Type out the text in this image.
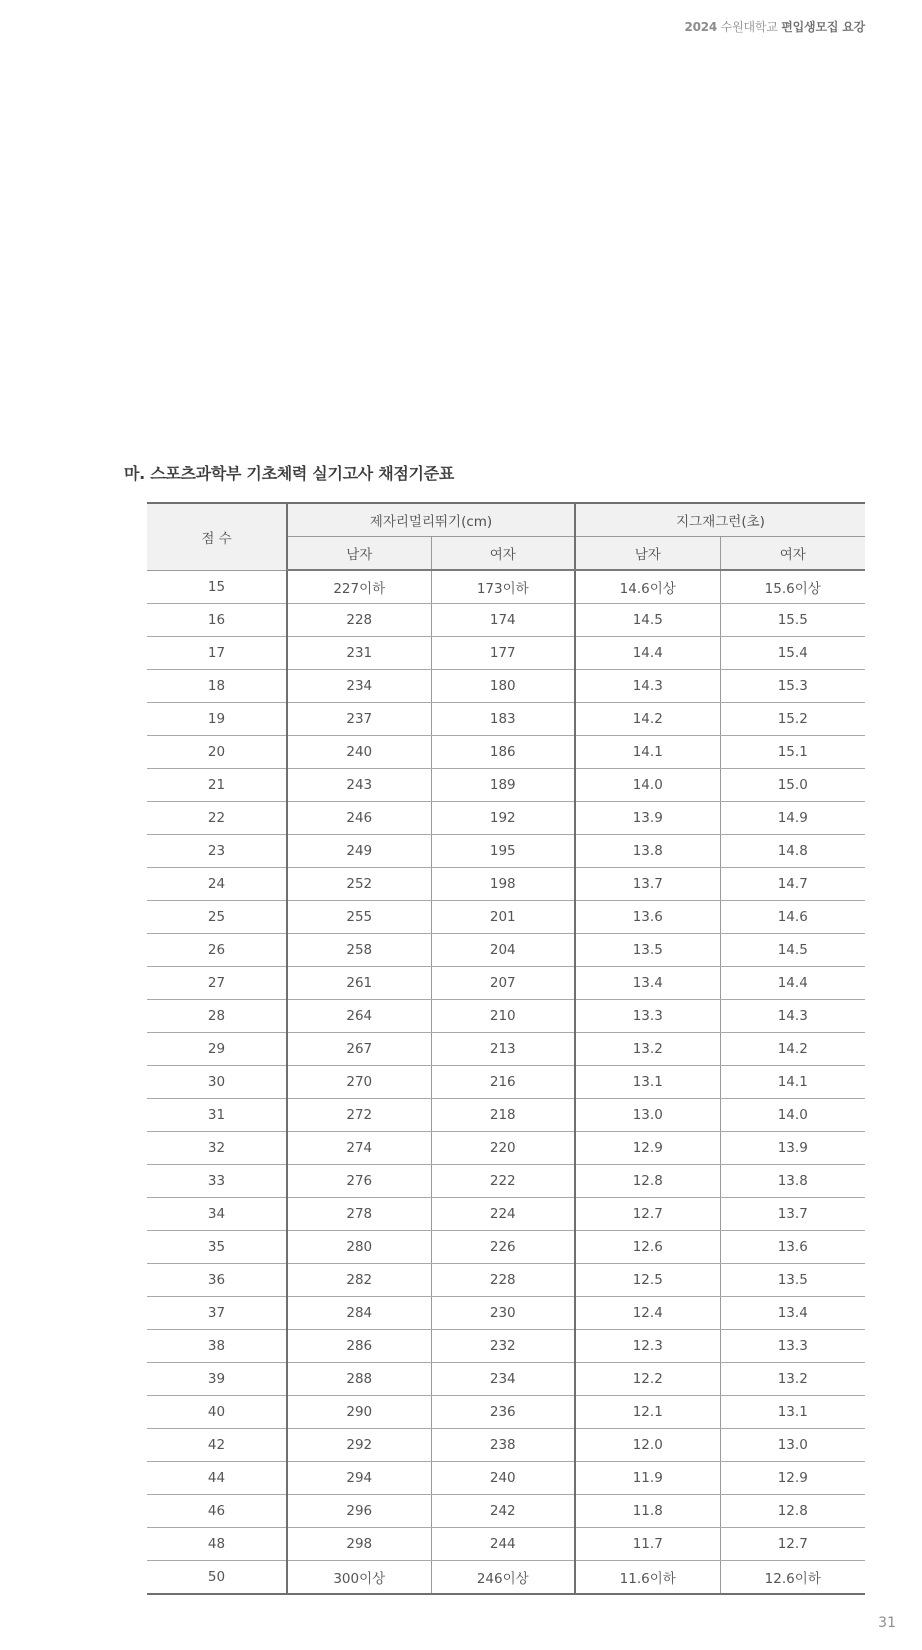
2024 수원대학교 편입생모집 요강
마. 스포츠과학부 기초체력 실기고사 채점기준표
점 수	제자리멀리뛰기(cm)		지그재그런(초)	
	남자	여자	남자	여자
15	227이하	173이하	14.6이상	15.6이상
16	228	174	14.5	15.5
17	231	177	14.4	15.4
18	234	180	14.3	15.3
19	237	183	14.2	15.2
20	240	186	14.1	15.1
21	243	189	14.0	15.0
22	246	192	13.9	14.9
23	249	195	13.8	14.8
24	252	198	13.7	14.7
25	255	201	13.6	14.6
26	258	204	13.5	14.5
27	261	207	13.4	14.4
28	264	210	13.3	14.3
29	267	213	13.2	14.2
30	270	216	13.1	14.1
31	272	218	13.0	14.0
32	274	220	12.9	13.9
33	276	222	12.8	13.8
34	278	224	12.7	13.7
35	280	226	12.6	13.6
36	282	228	12.5	13.5
37	284	230	12.4	13.4
38	286	232	12.3	13.3
39	288	234	12.2	13.2
40	290	236	12.1	13.1
42	292	238	12.0	13.0
44	294	240	11.9	12.9
46	296	242	11.8	12.8
48	298	244	11.7	12.7
50	300이상	246이상	11.6이하	12.6이하
31
